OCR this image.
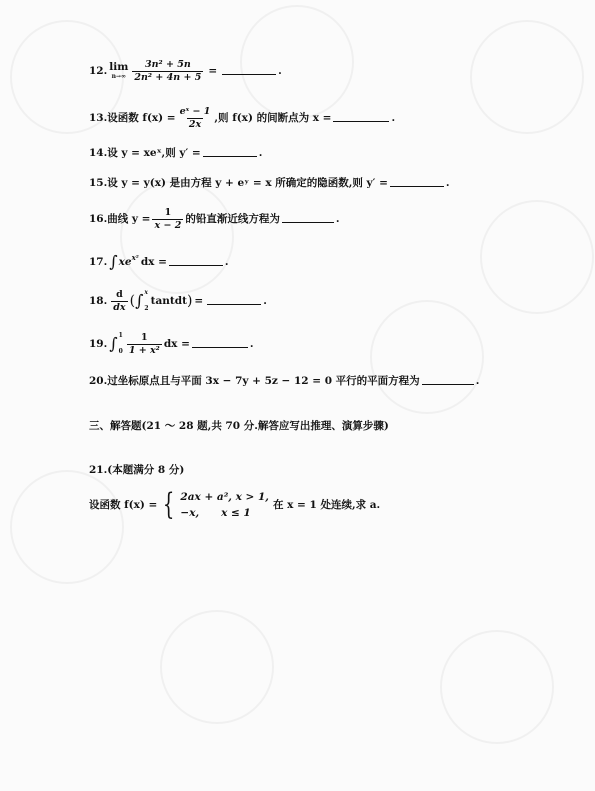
12. lim
$n\to\infty \frac{\text{3n² + 5n}}{\text{2n² + 4n + 5}}$ =	.
13.设函数 $f(x) = \frac{\text{eˣ − 1}}{2x}$ ,则 f(x) 的间断点为 x =	.
14.设 y = xeˣ,则 y′ =	.
15.设 y = y(x) 是由方程 y + eʸ = x 所确定的隐函数,则 y′ =	.
16.曲线 $y = \frac{1}{x - 2}$ 的铅直渐近线方程为	.
17. ∫ xe x² dx =	.
18. $\frac{d}{dx}$ ( ∫ x
2
tantdt ) =	.
19. ∫ 1
$0 \frac{1}{\text{1 + x²}}$ dx =	.
20.过坐标原点且与平面 3x − 7y + 5z − 12 = 0 平行的平面方程为	.
三、解答题(21 ～ 28 题,共 70 分.解答应写出推理、演算步骤)
21.(本题满分 8 分)
设函数 f(x) = { 2ax + a², x > 1,
−x,      x ≤ 1
在 x = 1 处连续,求 a.
